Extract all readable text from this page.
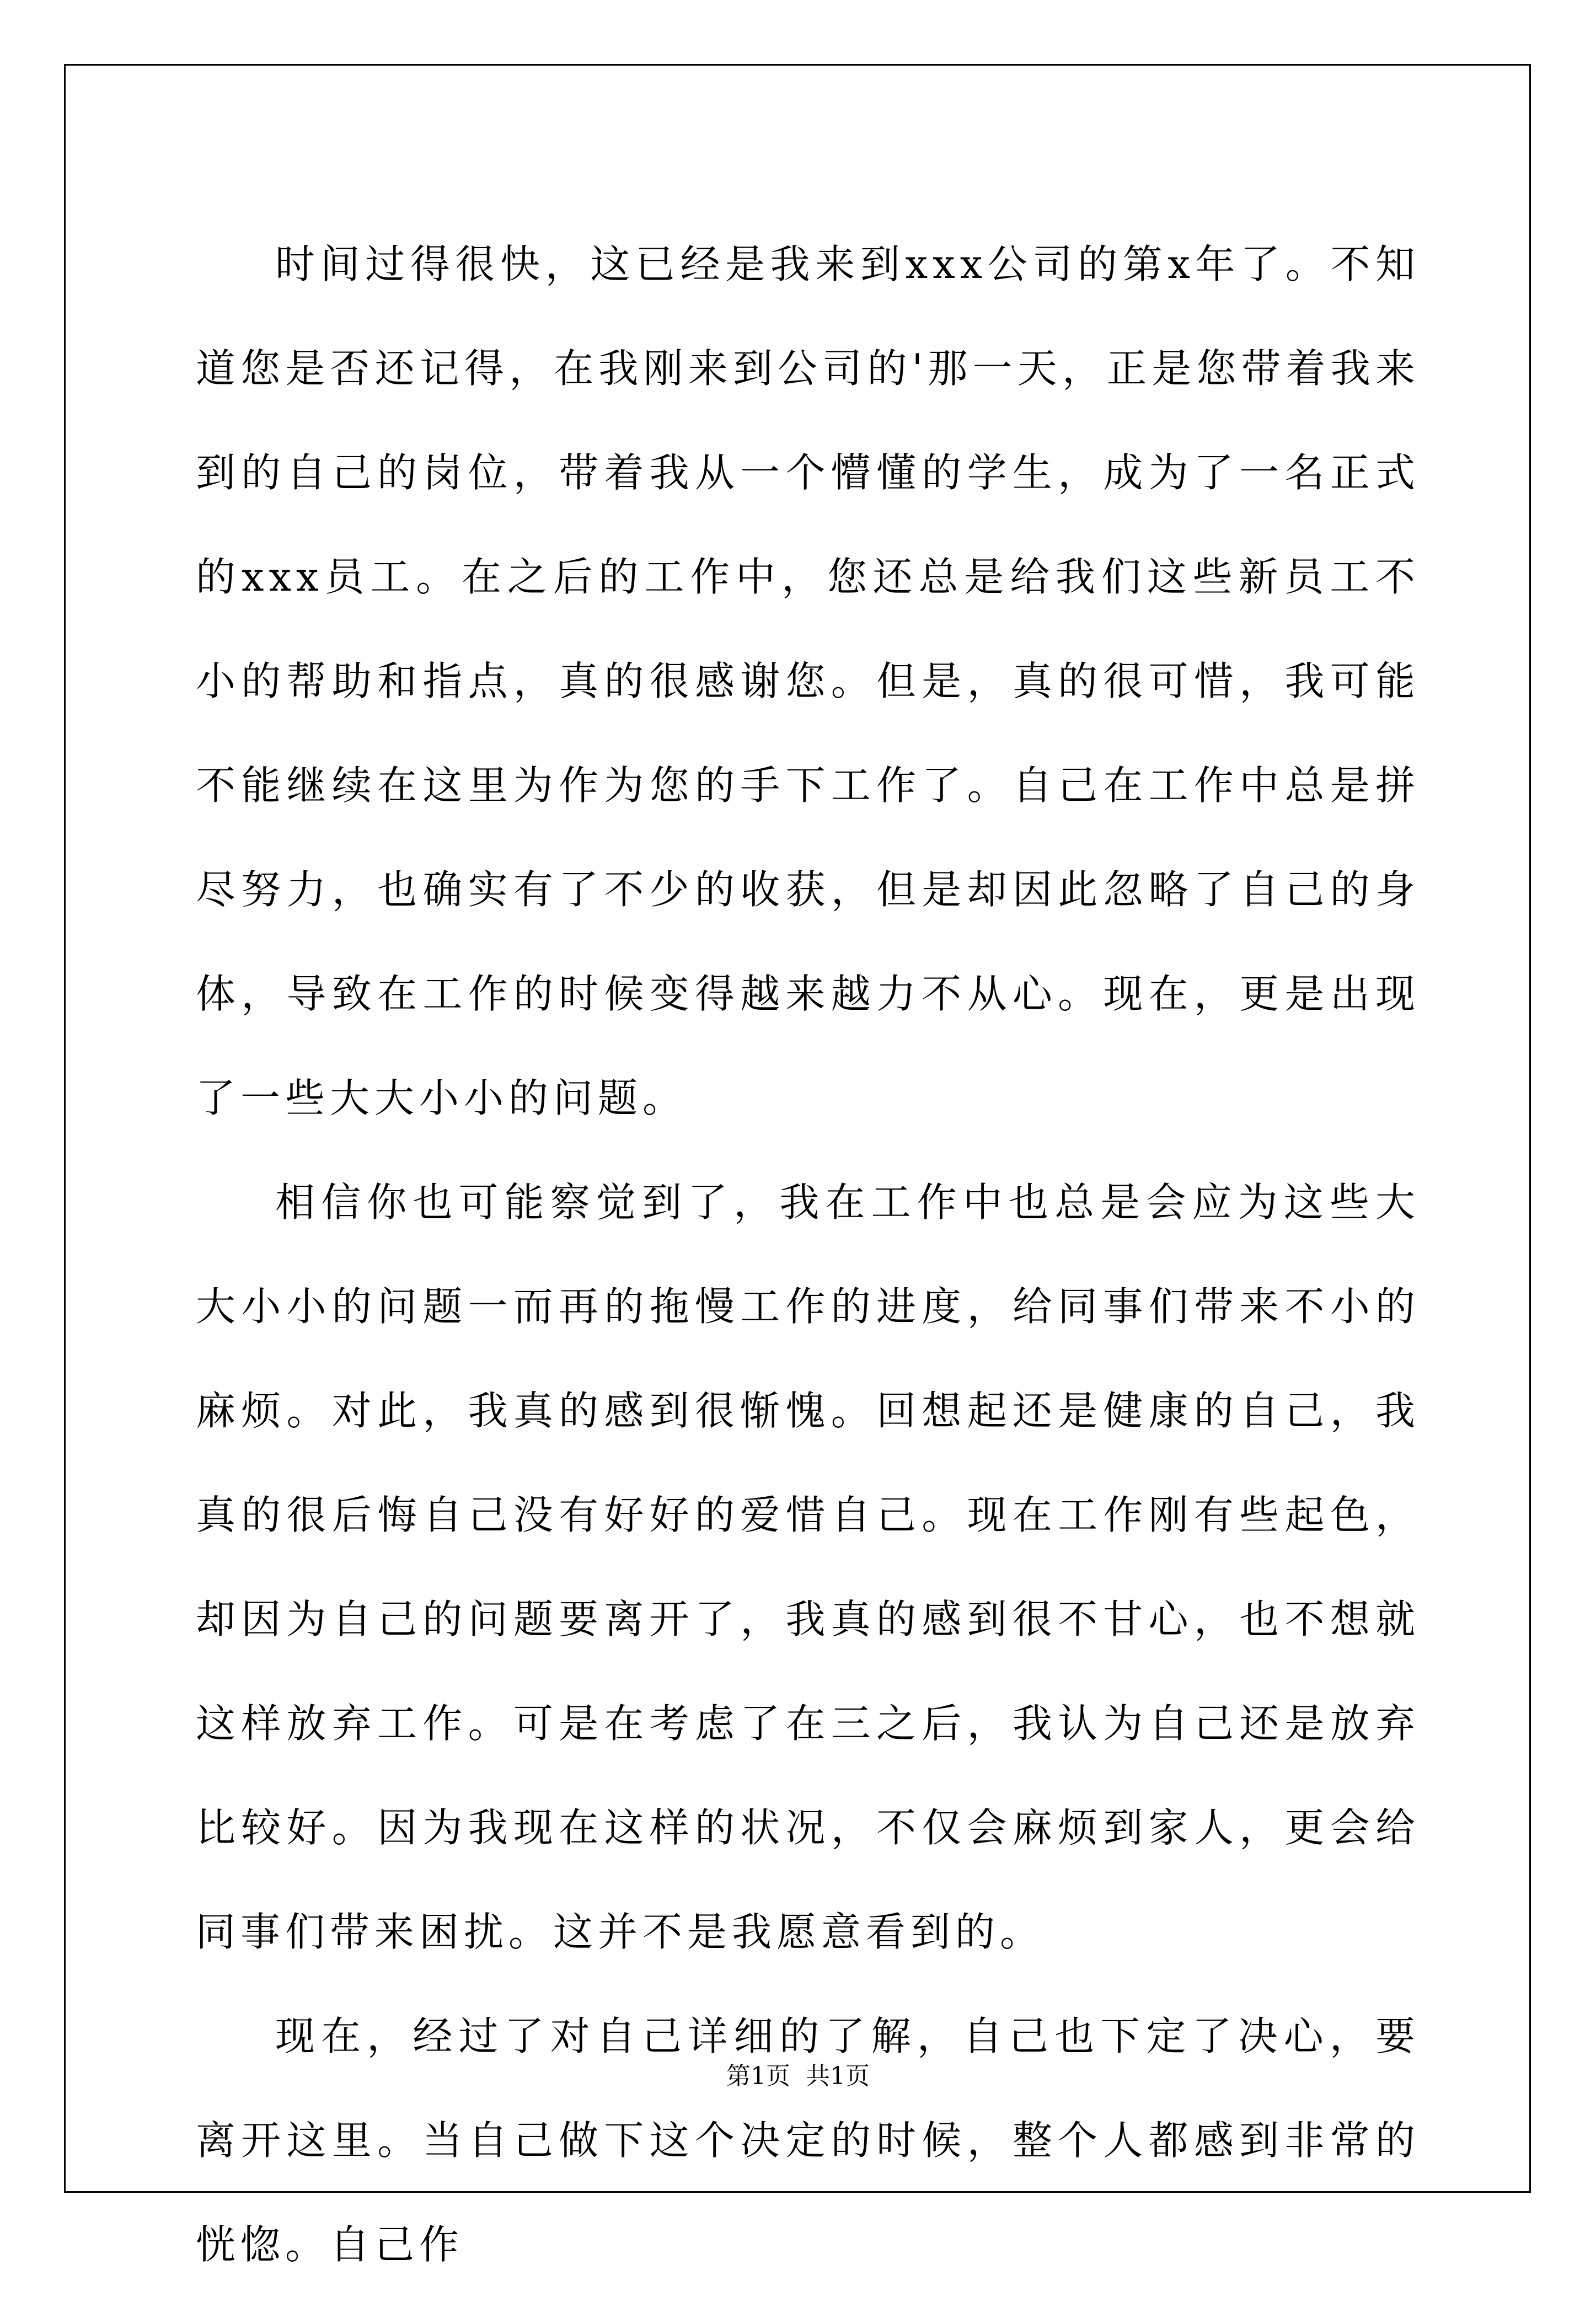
时间过得很快，这已经是我来到xxx公司的第x年了。不知道您是否还记得，在我刚来到公司的'那一天，正是您带着我来到的自己的岗位，带着我从一个懵懂的学生，成为了一名正式的xxx员工。在之后的工作中，您还总是给我们这些新员工不小的帮助和指点，真的很感谢您。但是，真的很可惜，我可能不能继续在这里为作为您的手下工作了。自己在工作中总是拼尽努力，也确实有了不少的收获，但是却因此忽略了自己的身体，导致在工作的时候变得越来越力不从心。现在，更是出现了一些大大小小的问题。

相信你也可能察觉到了，我在工作中也总是会应为这些大大小小的问题一而再的拖慢工作的进度，给同事们带来不小的麻烦。对此，我真的感到很惭愧。回想起还是健康的自己，我真的很后悔自己没有好好的爱惜自己。现在工作刚有些起色，却因为自己的问题要离开了，我真的感到很不甘心，也不想就这样放弃工作。可是在考虑了在三之后，我认为自己还是放弃比较好。因为我现在这样的状况，不仅会麻烦到家人，更会给同事们带来困扰。这并不是我愿意看到的。

现在，经过了对自己详细的了解，自己也下定了决心，要离开这里。当自己做下这个决定的时候，整个人都感到非常的恍惚。自己作

第1页  共1页
